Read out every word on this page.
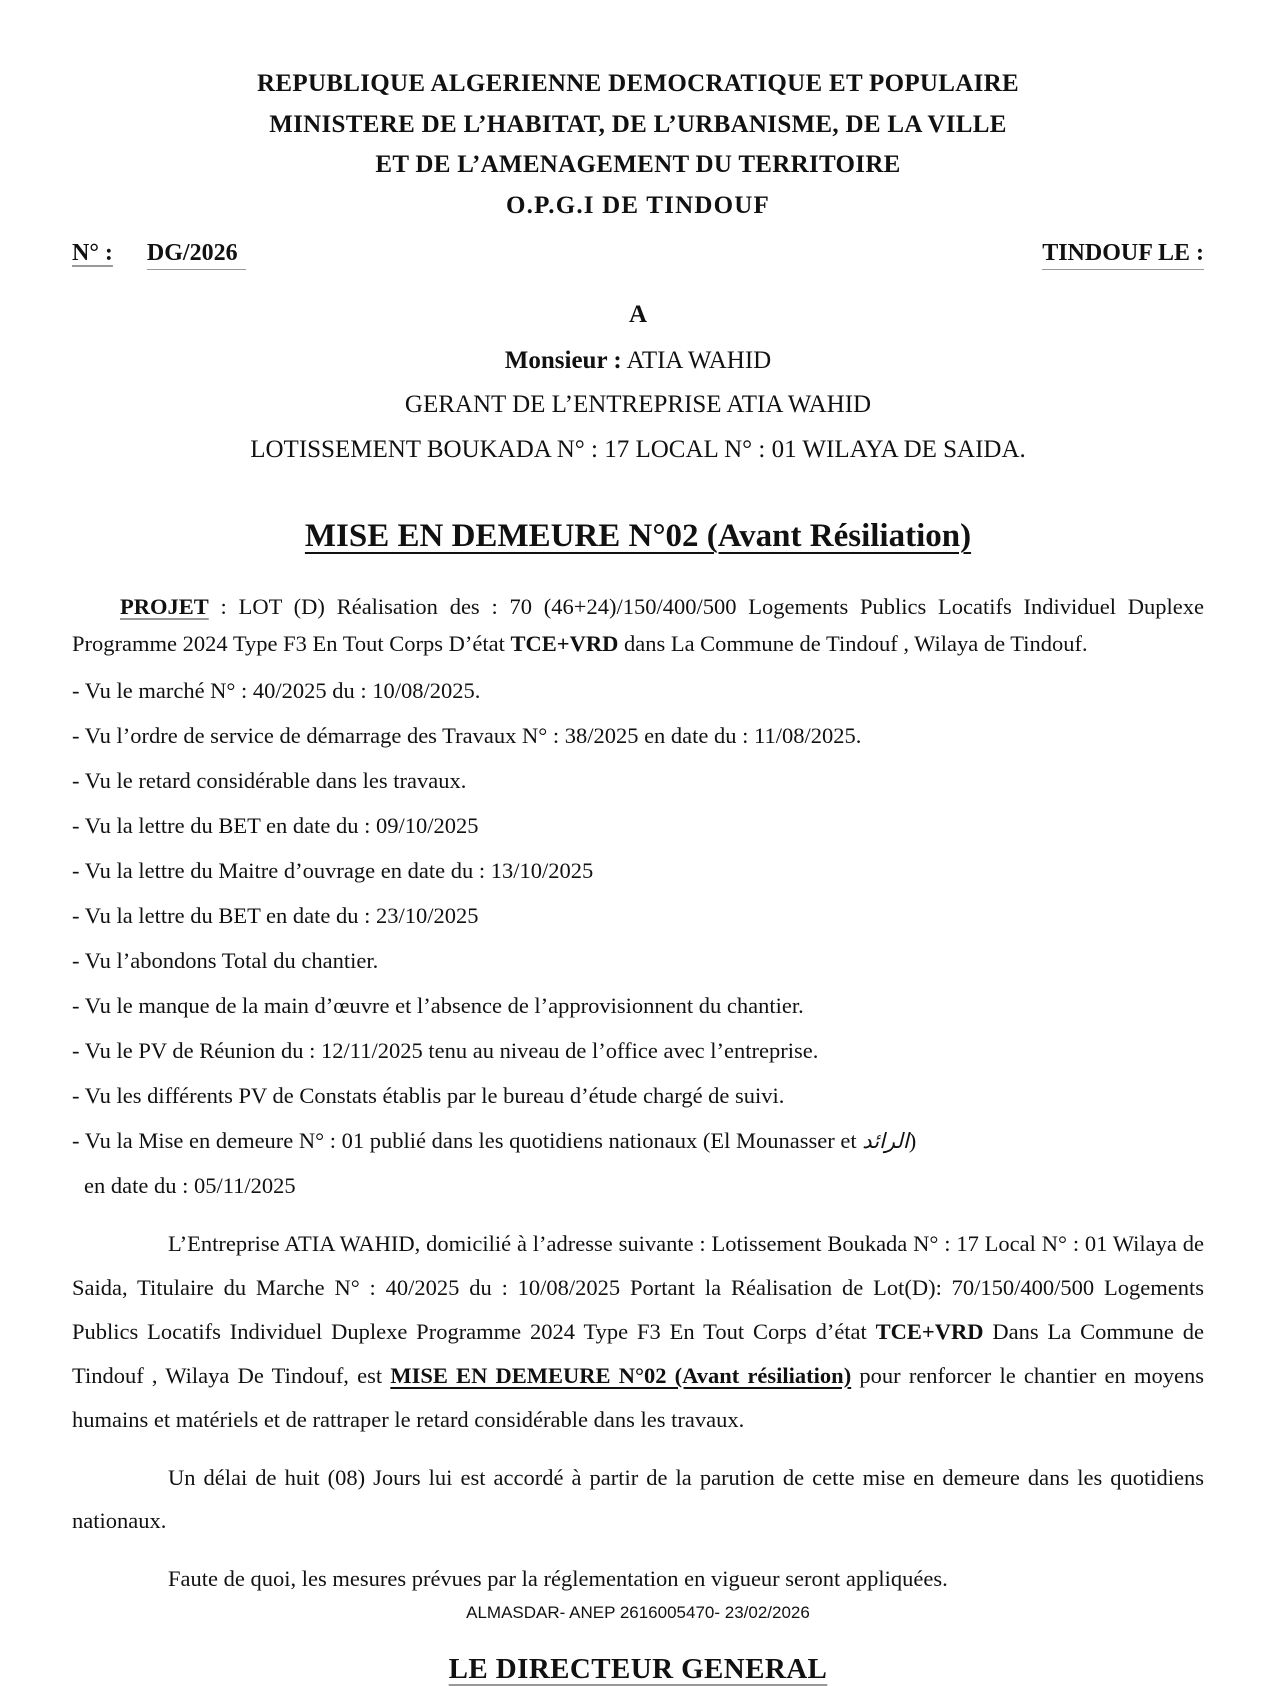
REPUBLIQUE ALGERIENNE DEMOCRATIQUE ET POPULAIRE
MINISTERE DE L’HABITAT, DE L’URBANISME, DE LA VILLE
ET DE L’AMENAGEMENT DU TERRITOIRE
O.P.G.I DE TINDOUF
N° : DG/2026	TINDOUF LE :
A
Monsieur : ATIA WAHID
GERANT DE L’ENTREPRISE ATIA WAHID
LOTISSEMENT BOUKADA N° : 17 LOCAL N° : 01 WILAYA DE SAIDA.
MISE EN DEMEURE N°02 (Avant Résiliation)

PROJET : LOT (D) Réalisation des : 70 (46+24)/150/400/500 Logements Publics Locatifs Individuel Duplexe Programme 2024 Type F3 En Tout Corps D’état TCE+VRD dans La Commune de Tindouf , Wilaya de Tindouf.

- Vu le marché N° : 40/2025 du : 10/08/2025.
- Vu l’ordre de service de démarrage des Travaux N° : 38/2025 en date du : 11/08/2025.
- Vu le retard considérable dans les travaux.
- Vu la lettre du BET en date du : 09/10/2025
- Vu la lettre du Maitre d’ouvrage en date du : 13/10/2025
- Vu la lettre du BET en date du : 23/10/2025
- Vu l’abondons Total du chantier.
- Vu le manque de la main d’œuvre et l’absence de l’approvisionnent du chantier.
- Vu le PV de Réunion du : 12/11/2025 tenu au niveau de l’office avec l’entreprise.
- Vu les différents PV de Constats établis par le bureau d’étude chargé de suivi.
- Vu la Mise en demeure N° : 01 publié dans les quotidiens nationaux (El Mounasser et الرائد)
en date du : 05/11/2025

L’Entreprise ATIA WAHID, domicilié à l’adresse suivante : Lotissement Boukada N° : 17 Local N° : 01 Wilaya de Saida, Titulaire du Marche N° : 40/2025 du : 10/08/2025 Portant la Réalisation de Lot(D): 70/150/400/500 Logements Publics Locatifs Individuel Duplexe Programme 2024 Type F3 En Tout Corps d’état TCE+VRD Dans La Commune de Tindouf , Wilaya De Tindouf, est MISE EN DEMEURE N°02 (Avant résiliation) pour renforcer le chantier en moyens humains et matériels et de rattraper le retard considérable dans les travaux.

Un délai de huit (08) Jours lui est accordé à partir de la parution de cette mise en demeure dans les quotidiens nationaux.

Faute de quoi, les mesures prévues par la réglementation en vigueur seront appliquées.

LE DIRECTEUR GENERAL
ALMASDAR- ANEP 2616005470- 23/02/2026
